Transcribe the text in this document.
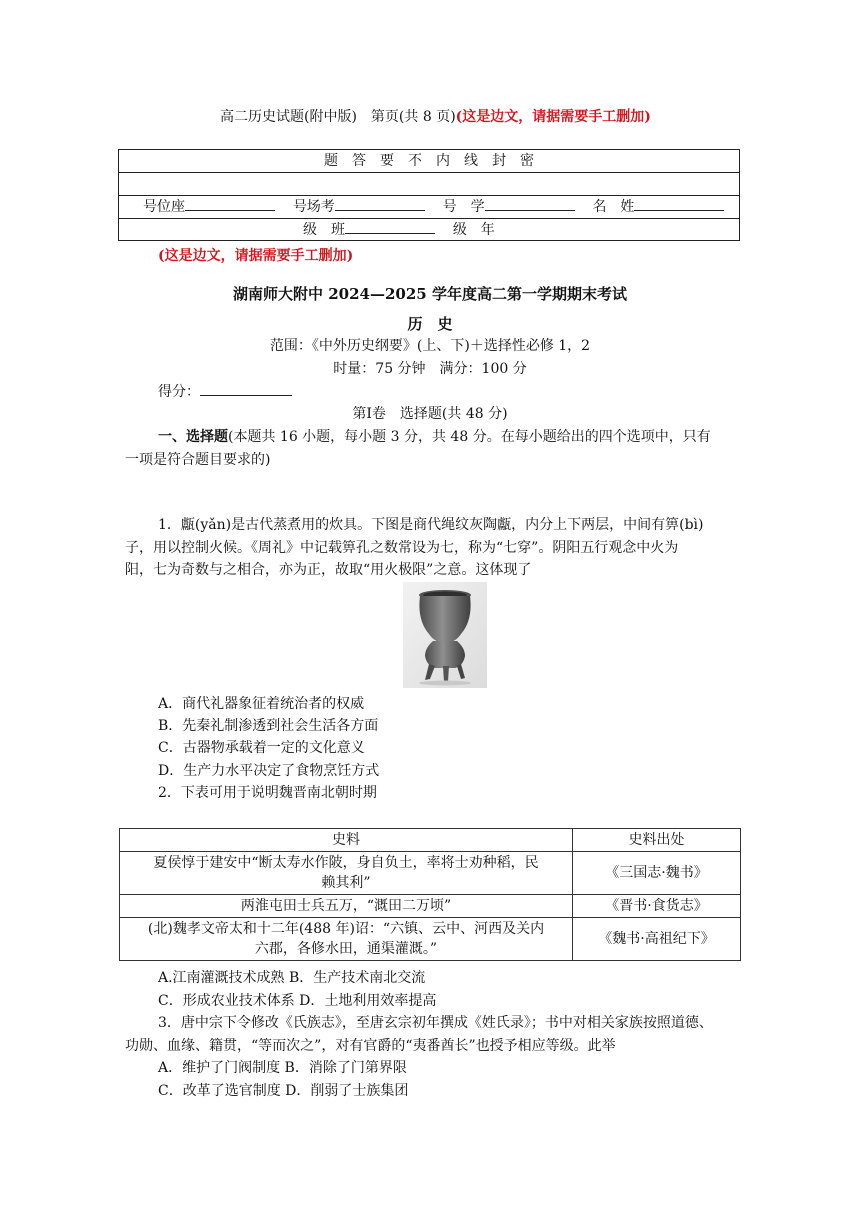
高二历史试题(附中版)　第页(共 8 页)(这是边文，请据需要手工删加)
题　答　要　不　内　线　封　密
号位座	号场考	号　学	名　姓
级　班	级　年
(这是边文，请据需要手工删加)
湖南师大附中 2024—2025 学年度高二第一学期期末考试
历　史
范围：《中外历史纲要》(上、下)＋选择性必修 1，2
时量：75 分钟　满分：100 分
得分：
第Ⅰ卷　选择题(共 48 分)
一、选择题(本题共 16 小题，每小题 3 分，共 48 分。在每小题给出的四个选项中，只有
一项是符合题目要求的)
1．甗(yǎn)是古代蒸煮用的炊具。下图是商代绳纹灰陶甗，内分上下两层，中间有箅(bì)
子，用以控制火候。《周礼》中记载箅孔之数常设为七，称为“七穿”。阴阳五行观念中火为
阳，七为奇数与之相合，亦为正，故取“用火极限”之意。这体现了
A．商代礼器象征着统治者的权威
B．先秦礼制渗透到社会生活各方面
C．古器物承载着一定的文化意义
D．生产力水平决定了食物烹饪方式
2．下表可用于说明魏晋南北朝时期
史料	史料出处

夏侯惇于建安中“断太寿水作陂，身自负土，率将士劝种稻，民
赖其利”	《三国志·魏书》
两淮屯田士兵五万，“溉田二万顷”	《晋书·食货志》

(北)魏孝文帝太和十二年(488 年)诏：“六镇、云中、河西及关内
六郡，各修水田，通渠灌溉。”	《魏书·高祖纪下》
A.江南灌溉技术成熟 B．生产技术南北交流
C．形成农业技术体系 D．土地利用效率提高
3．唐中宗下令修改《氏族志》，至唐玄宗初年撰成《姓氏录》；书中对相关家族按照道德、
功勋、血缘、籍贯，“等而次之”，对有官爵的“夷番酋长”也授予相应等级。此举
A．维护了门阀制度 B．消除了门第界限
C．改革了选官制度 D．削弱了士族集团
